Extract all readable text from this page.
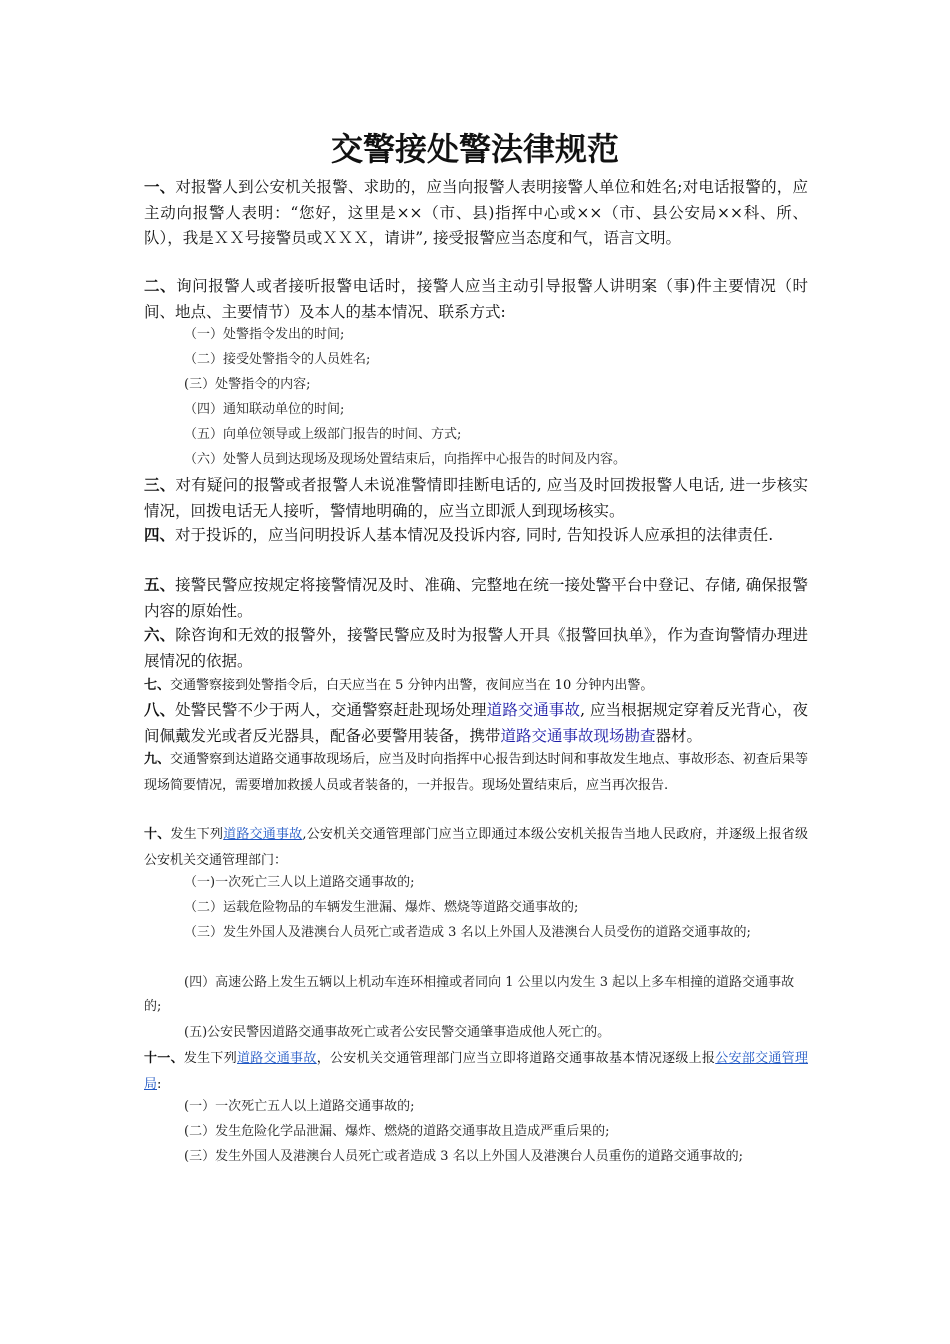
交警接处警法律规范
一、对报警人到公安机关报警、求助的，应当向报警人表明接警人单位和姓名;对电话报警的，应主动向报警人表明：“您好，这里是××（市、县)指挥中心或××（市、县公安局××科、所、队），我是ＸＸ号接警员或ＸＸＸ，请讲”, 接受报警应当态度和气，语言文明。
二、询问报警人或者接听报警电话时，接警人应当主动引导报警人讲明案（事)件主要情况（时间、地点、主要情节）及本人的基本情况、联系方式:
（一）处警指令发出的时间;
（二）接受处警指令的人员姓名;
(三）处警指令的内容;
（四）通知联动单位的时间;
（五）向单位领导或上级部门报告的时间、方式;
（六）处警人员到达现场及现场处置结束后，向指挥中心报告的时间及内容。
三、对有疑问的报警或者报警人未说准警情即挂断电话的, 应当及时回拨报警人电话, 进一步核实情况，回拨电话无人接听，警情地明确的，应当立即派人到现场核实。
四、对于投诉的，应当问明投诉人基本情况及投诉内容, 同时, 告知投诉人应承担的法律责任.
五、接警民警应按规定将接警情况及时、准确、完整地在统一接处警平台中登记、存储, 确保报警内容的原始性。
六、除咨询和无效的报警外，接警民警应及时为报警人开具《报警回执单》，作为查询警情办理进展情况的依据。
七、交通警察接到处警指令后，白天应当在 5 分钟内出警，夜间应当在 10 分钟内出警。
八、处警民警不少于两人，交通警察赶赴现场处理道路交通事故, 应当根据规定穿着反光背心，夜间佩戴发光或者反光器具，配备必要警用装备，携带道路交通事故现场勘查器材。
九、交通警察到达道路交通事故现场后，应当及时向指挥中心报告到达时间和事故发生地点、事故形态、初查后果等现场简要情况，需要增加救援人员或者装备的，一并报告。现场处置结束后，应当再次报告.
十、发生下列道路交通事故,公安机关交通管理部门应当立即通过本级公安机关报告当地人民政府，并逐级上报省级公安机关交通管理部门：
（一)一次死亡三人以上道路交通事故的;
（二）运载危险物品的车辆发生泄漏、爆炸、燃烧等道路交通事故的;
（三）发生外国人及港澳台人员死亡或者造成 3 名以上外国人及港澳台人员受伤的道路交通事故的;
(四）高速公路上发生五辆以上机动车连环相撞或者同向 1 公里以内发生 3 起以上多车相撞的道路交通事故的;
(五)公安民警因道路交通事故死亡或者公安民警交通肇事造成他人死亡的。
十一、发生下列道路交通事故，公安机关交通管理部门应当立即将道路交通事故基本情况逐级上报公安部交通管理局:
(一）一次死亡五人以上道路交通事故的;
(二）发生危险化学品泄漏、爆炸、燃烧的道路交通事故且造成严重后果的;
(三）发生外国人及港澳台人员死亡或者造成 3 名以上外国人及港澳台人员重伤的道路交通事故的;
